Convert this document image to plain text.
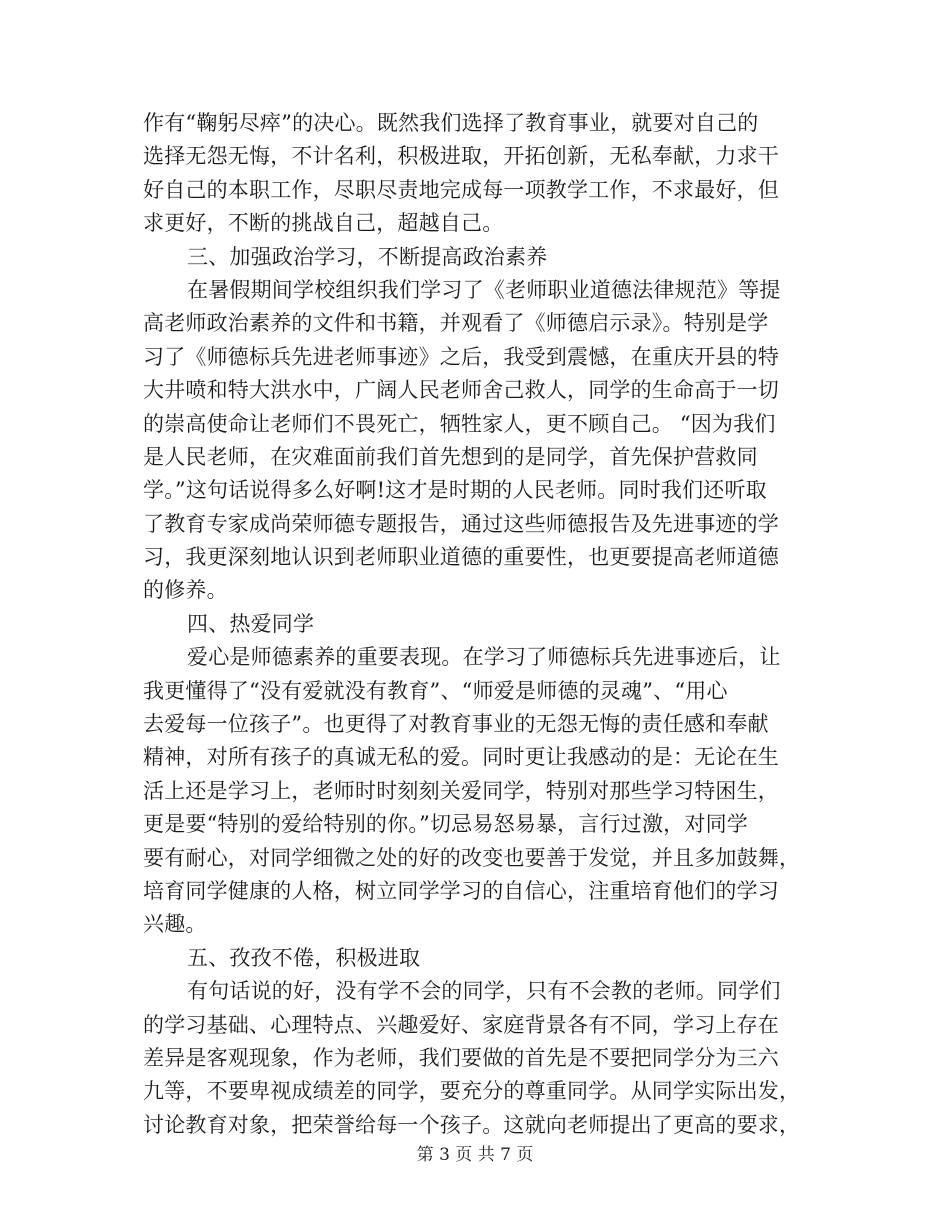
作有“鞠躬尽瘁”的决心。既然我们选择了教育事业，就要对自己的
选择无怨无悔，不计名利，积极进取，开拓创新，无私奉献，力求干
好自己的本职工作，尽职尽责地完成每一项教学工作，不求最好，但
求更好，不断的挑战自己，超越自己。
三、加强政治学习，不断提高政治素养
在暑假期间学校组织我们学习了《老师职业道德法律规范》等提
高老师政治素养的文件和书籍，并观看了《师德启示录》。特别是学
习了《师德标兵先进老师事迹》之后，我受到震憾，在重庆开县的特
大井喷和特大洪水中，广阔人民老师舍己救人，同学的生命高于一切
的崇高使命让老师们不畏死亡，牺牲家人，更不顾自己。 “因为我们
是人民老师，在灾难面前我们首先想到的是同学，首先保护营救同
学。”这句话说得多么好啊!这才是时期的人民老师。同时我们还听取
了教育专家成尚荣师德专题报告，通过这些师德报告及先进事迹的学
习，我更深刻地认识到老师职业道德的重要性，也更要提高老师道德
的修养。
四、热爱同学
爱心是师德素养的重要表现。在学习了师德标兵先进事迹后，让
我更懂得了“没有爱就没有教育”、“师爱是师德的灵魂”、“用心
去爱每一位孩子”。也更得了对教育事业的无怨无悔的责任感和奉献
精神，对所有孩子的真诚无私的爱。同时更让我感动的是：无论在生
活上还是学习上，老师时时刻刻关爱同学，特别对那些学习特困生，
更是要“特别的爱给特别的你。”切忌易怒易暴，言行过激，对同学
要有耐心，对同学细微之处的好的改变也要善于发觉，并且多加鼓舞，
培育同学健康的人格，树立同学学习的自信心，注重培育他们的学习
兴趣。
五、孜孜不倦，积极进取
有句话说的好，没有学不会的同学，只有不会教的老师。同学们
的学习基础、心理特点、兴趣爱好、家庭背景各有不同，学习上存在
差异是客观现象，作为老师，我们要做的首先是不要把同学分为三六
九等，不要卑视成绩差的同学，要充分的尊重同学。从同学实际出发，
讨论教育对象，把荣誉给每一个孩子。这就向老师提出了更高的要求，
第 3 页 共 7 页
